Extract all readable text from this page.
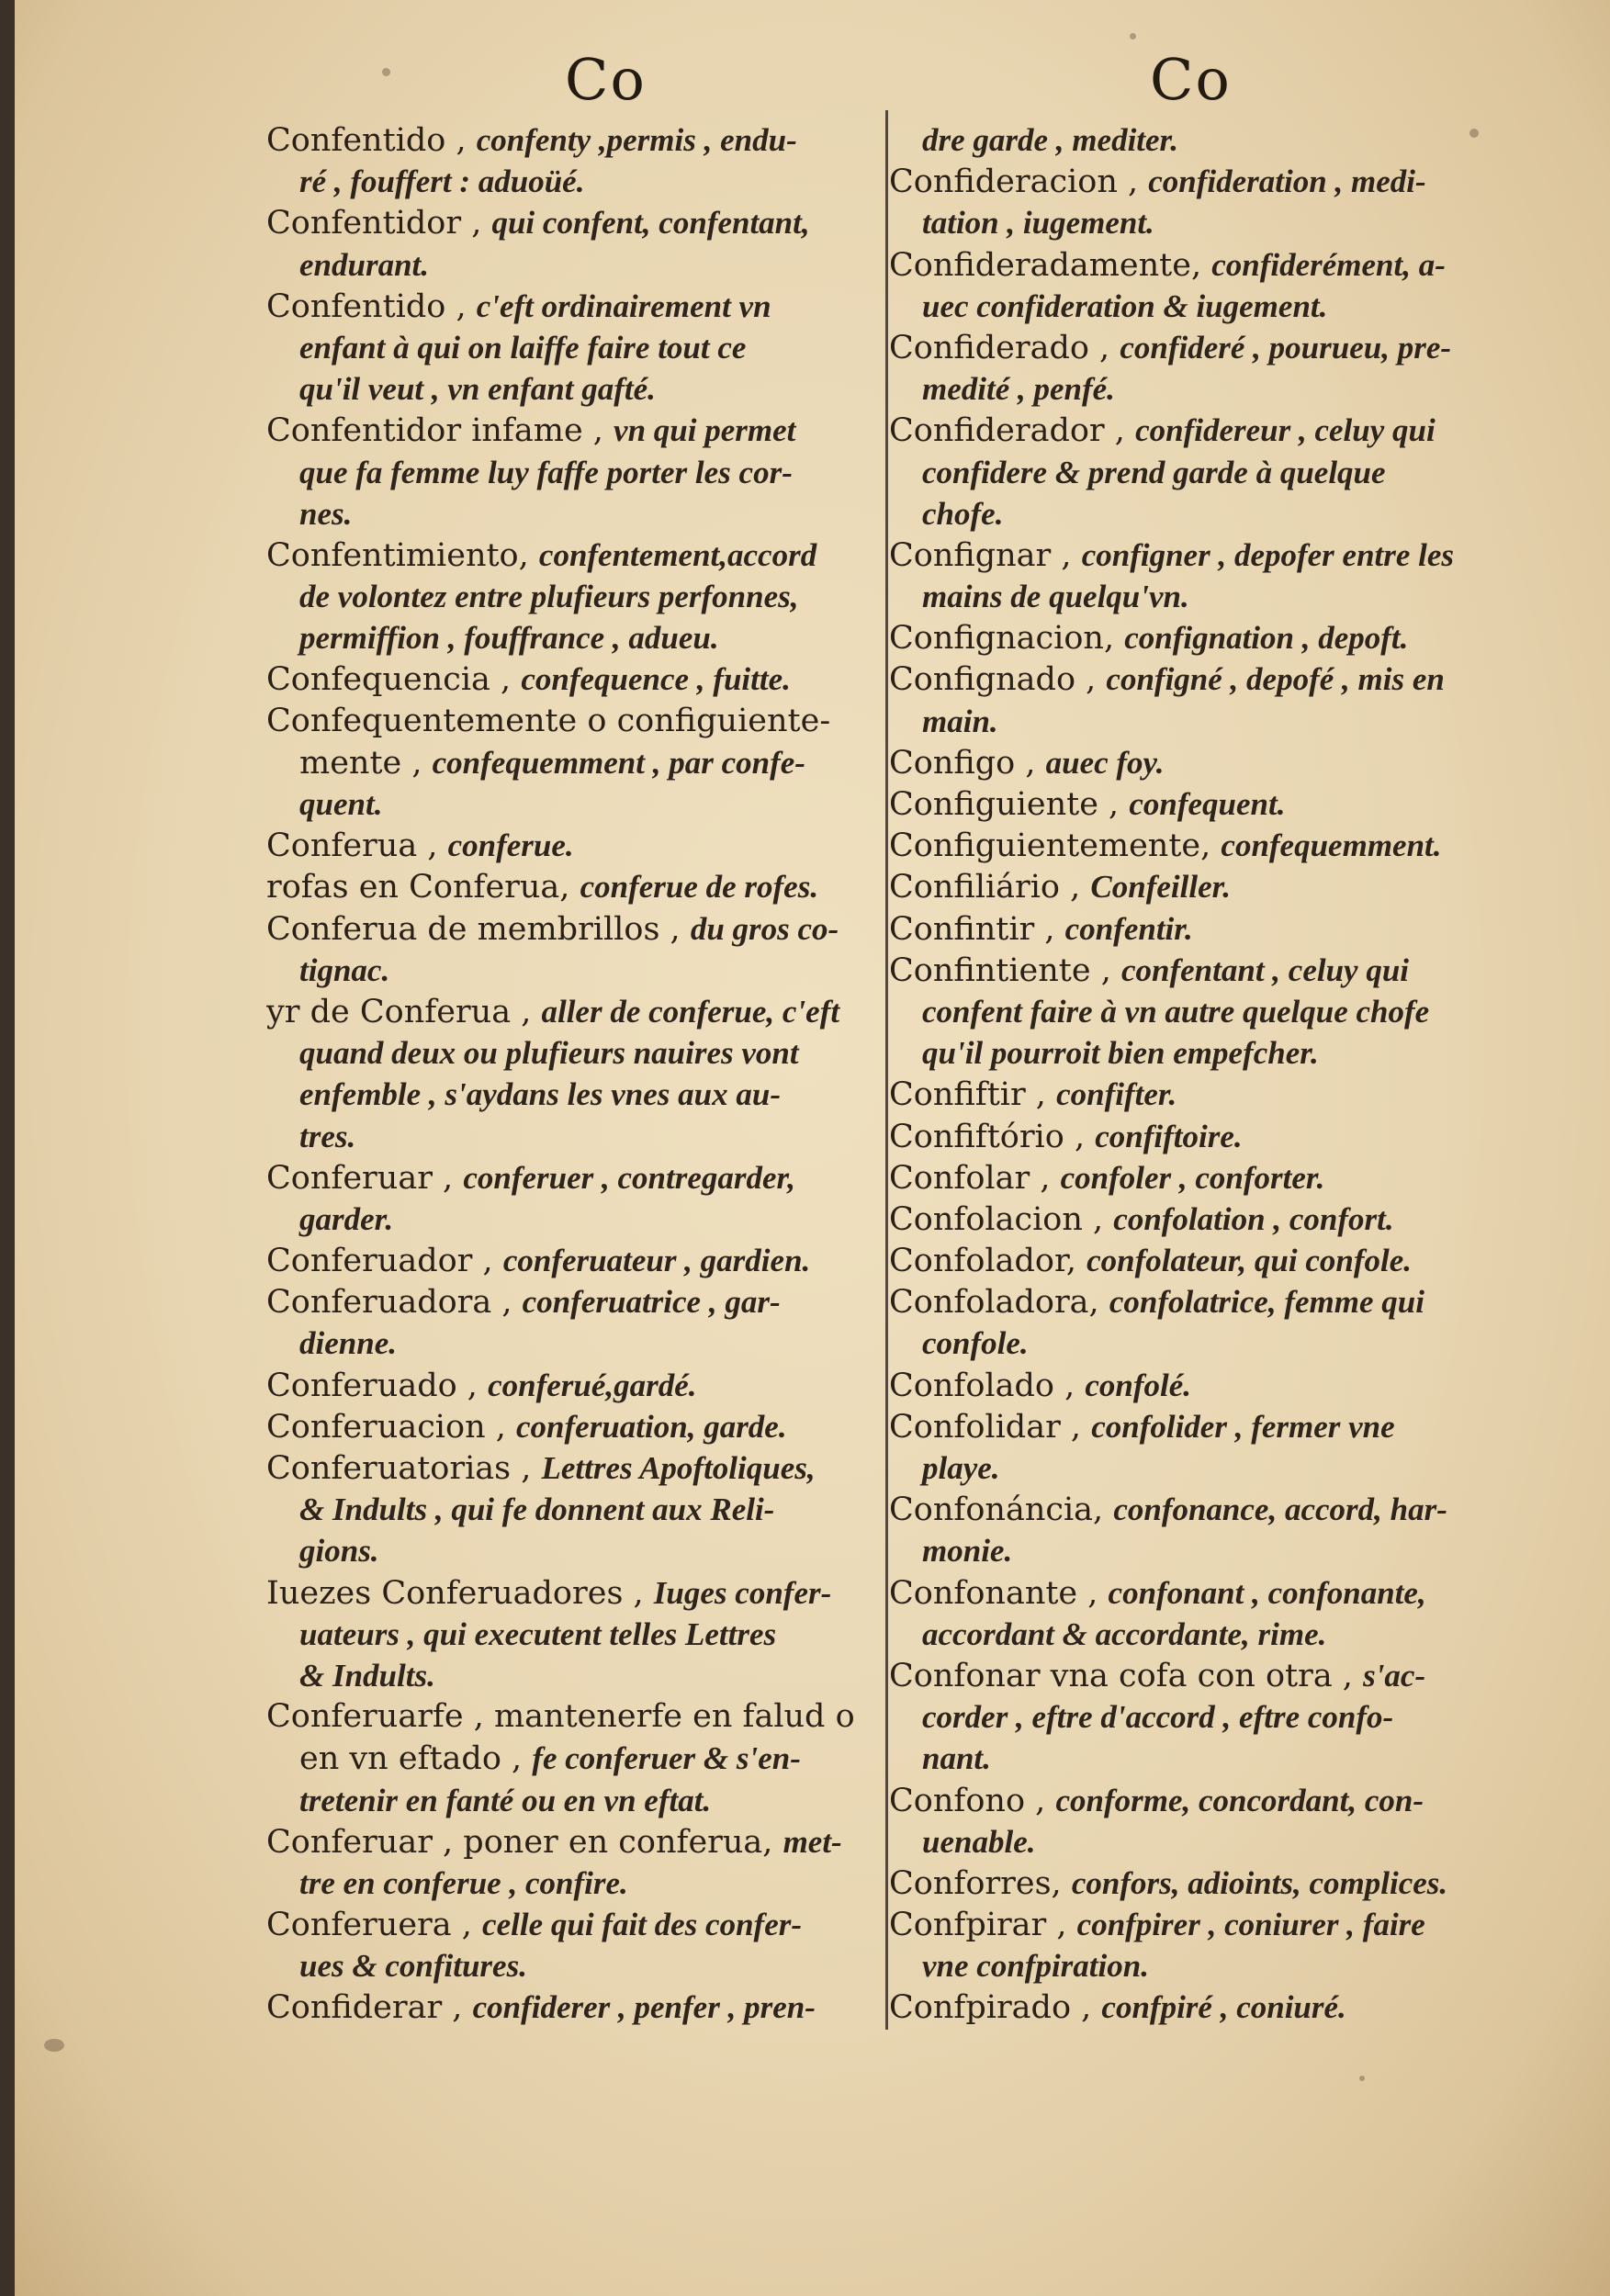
Co	Co
Confentido , confenty ,permis , endu-
ré , fouffert : aduoüé.
Confentidor , qui confent, confentant,
endurant.
Confentido , c'eft ordinairement vn
enfant à qui on laiffe faire tout ce
qu'il veut , vn enfant gafté.
Confentidor infame , vn qui permet
que fa femme luy faffe porter les cor-
nes.
Confentimiento, confentement,accord
de volontez entre plufieurs perfonnes,
permiffion , fouffrance , adueu.
Confequencia , confequence , fuitte.
Confequentemente o configuiente-
mente , confequemment , par confe-
quent.
Conferua , conferue.
rofas en Conferua, conferue de rofes.
Conferua de membrillos , du gros co-
tignac.
yr de Conferua , aller de conferue, c'eft
quand deux ou plufieurs nauires vont
enfemble , s'aydans les vnes aux au-
tres.
Conferuar , conferuer , contregarder,
garder.
Conferuador , conferuateur , gardien.
Conferuadora , conferuatrice , gar-
dienne.
Conferuado , conferué,gardé.
Conferuacion , conferuation, garde.
Conferuatorias , Lettres Apoftoliques,
& Indults , qui fe donnent aux Reli-
gions.
Iuezes Conferuadores , Iuges confer-
uateurs , qui executent telles Lettres
& Indults.
Conferuarfe , mantenerfe en falud o
en vn eftado , fe conferuer & s'en-
tretenir en fanté ou en vn eftat.
Conferuar , poner en conferua, met-
tre en conferue , confire.
Conferuera , celle qui fait des confer-
ues & confitures.
Confiderar , confiderer , penfer , pren-
dre garde , mediter.
Confideracion , confideration , medi-
tation , iugement.
Confideradamente, confiderément, a-
uec confideration & iugement.
Confiderado , confideré , pourueu, pre-
medité , penfé.
Confiderador , confidereur , celuy qui
confidere & prend garde à quelque
chofe.
Confignar , configner , depofer entre les
mains de quelqu'vn.
Confignacion, confignation , depoft.
Confignado , configné , depofé , mis en
main.
Configo , auec foy.
Configuiente , confequent.
Configuientemente, confequemment.
Confiliário , Confeiller.
Confintir , confentir.
Confintiente , confentant , celuy qui
confent faire à vn autre quelque chofe
qu'il pourroit bien empefcher.
Confiftir , confifter.
Confiftório , confiftoire.
Confolar , confoler , conforter.
Confolacion , confolation , confort.
Confolador, confolateur, qui confole.
Confoladora, confolatrice, femme qui
confole.
Confolado , confolé.
Confolidar , confolider , fermer vne
playe.
Confonáncia, confonance, accord, har-
monie.
Confonante , confonant , confonante,
accordant & accordante, rime.
Confonar vna cofa con otra , s'ac-
corder , eftre d'accord , eftre confo-
nant.
Confono , conforme, concordant, con-
uenable.
Conforres, confors, adioints, complices.
Confpirar , confpirer , coniurer , faire
vne confpiration.
Confpirado , confpiré , coniuré.
